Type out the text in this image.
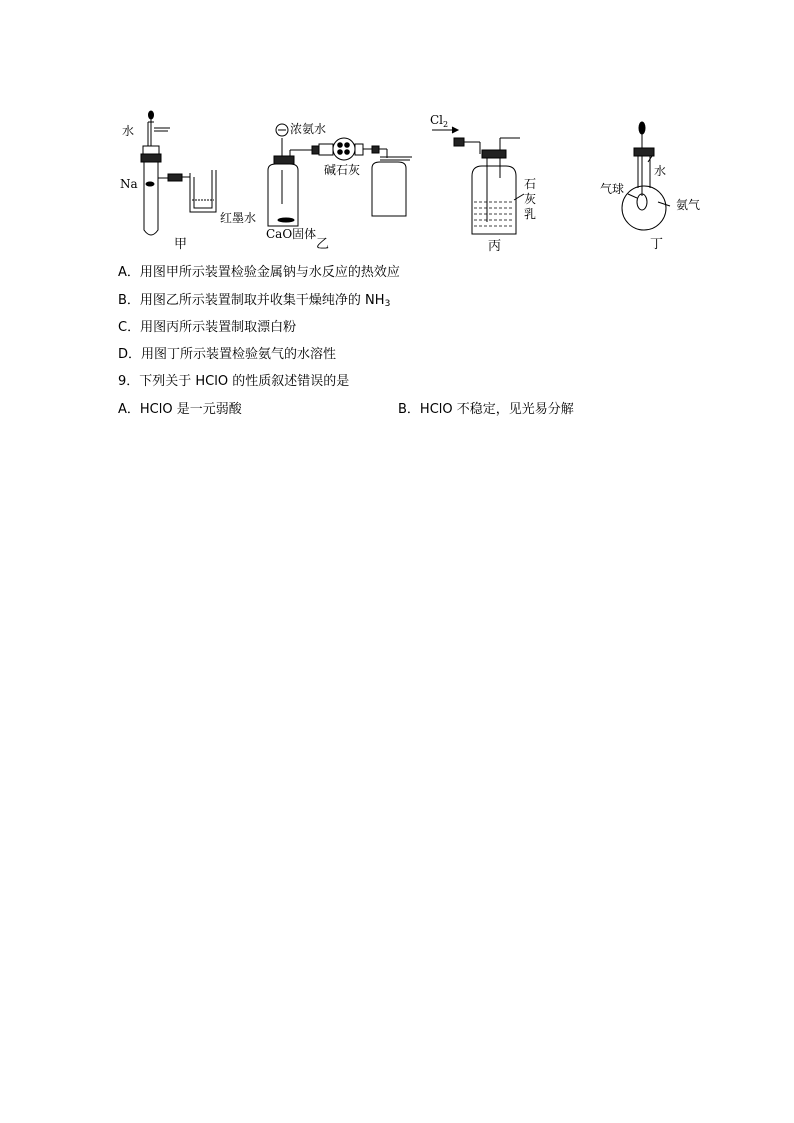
水
Na
红墨水
甲
浓氨水
碱石灰
CaO固体
乙
$Cl_2$
石
灰
乳
丙
水
气球
氨气
丁
A．用图甲所示装置检验金属钠与水反应的热效应
B．用图乙所示装置制取并收集干燥纯净的 $NH_3$
C．用图丙所示装置制取漂白粉
D．用图丁所示装置检验氨气的水溶性
9．下列关于 HClO 的性质叙述错误的是
A．HClO 是一元弱酸	B．HClO 不稳定，见光易分解
